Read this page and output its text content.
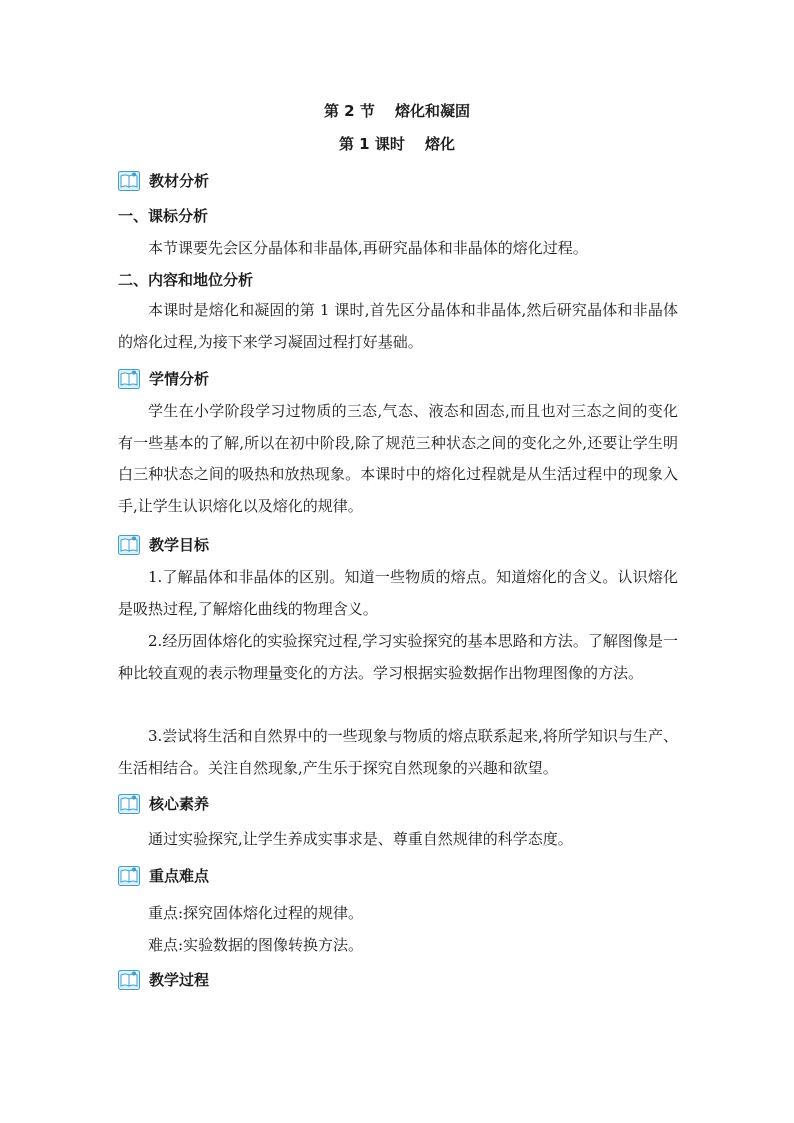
第 2 节　 熔化和凝固
第 1 课时　 熔化
教材分析
一、课标分析
本节课要先会区分晶体和非晶体,再研究晶体和非晶体的熔化过程。
二、内容和地位分析

本课时是熔化和凝固的第 1 课时,首先区分晶体和非晶体,然后研究晶体和非晶体的熔化过程,为接下来学习凝固过程打好基础。

学情分析

学生在小学阶段学习过物质的三态,气态、液态和固态,而且也对三态之间的变化有一些基本的了解,所以在初中阶段,除了规范三种状态之间的变化之外,还要让学生明白三种状态之间的吸热和放热现象。本课时中的熔化过程就是从生活过程中的现象入手,让学生认识熔化以及熔化的规律。

教学目标

1.了解晶体和非晶体的区别。知道一些物质的熔点。知道熔化的含义。认识熔化是吸热过程,了解熔化曲线的物理含义。

2.经历固体熔化的实验探究过程,学习实验探究的基本思路和方法。了解图像是一种比较直观的表示物理量变化的方法。学习根据实验数据作出物理图像的方法。

3.尝试将生活和自然界中的一些现象与物质的熔点联系起来,将所学知识与生产、生活相结合。关注自然现象,产生乐于探究自然现象的兴趣和欲望。

核心素养
通过实验探究,让学生养成实事求是、尊重自然规律的科学态度。
重点难点
重点:探究固体熔化过程的规律。
难点:实验数据的图像转换方法。
教学过程
